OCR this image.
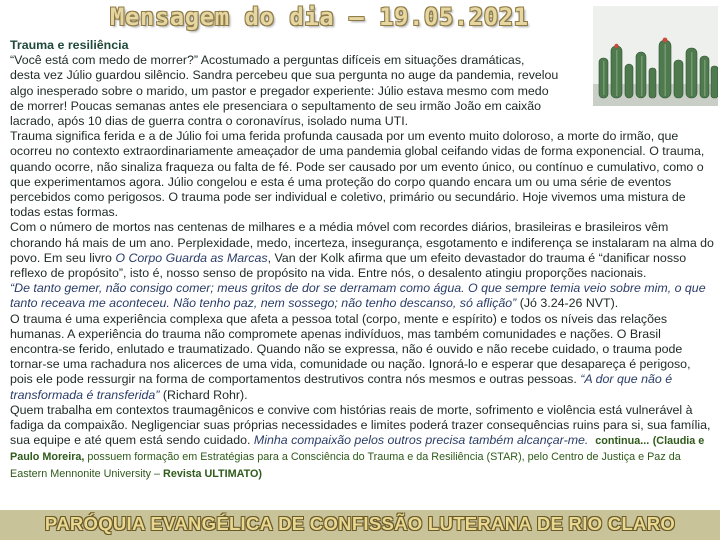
Mensagem do dia – 19.05.2021

Trauma e resiliência

“Você está com medo de morrer?” Acostumado a perguntas difíceis em situações dramáticas,
desta vez Júlio guardou silêncio. Sandra percebeu que sua pergunta no auge da pandemia, revelou
algo inesperado sobre o marido, um pastor e pregador experiente: Júlio estava mesmo com medo
de morrer! Poucas semanas antes ele presenciara o sepultamento de seu irmão João em caixão
lacrado, após 10 dias de guerra contra o coronavírus, isolado numa UTI.

Trauma significa ferida e a de Júlio foi uma ferida profunda causada por um evento muito doloroso, a morte do irmão, que ocorreu no contexto extraordinariamente ameaçador de uma pandemia global ceifando vidas de forma exponencial. O trauma, quando ocorre, não sinaliza fraqueza ou falta de fé. Pode ser causado por um evento único, ou contínuo e cumulativo, como o que experimentamos agora. Júlio congelou e esta é uma proteção do corpo quando encara um ou uma série de eventos percebidos como perigosos. O trauma pode ser individual e coletivo, primário ou secundário. Hoje vivemos uma mistura de todas estas formas.

Com o número de mortos nas centenas de milhares e a média móvel com recordes diários, brasileiras e brasileiros vêm chorando há mais de um ano. Perplexidade, medo, incerteza, insegurança, esgotamento e indiferença se instalaram na alma do povo. Em seu livro O Corpo Guarda as Marcas, Van der Kolk afirma que um efeito devastador do trauma é “danificar nosso reflexo de propósito”, isto é, nosso senso de propósito na vida. Entre nós, o desalento atingiu proporções nacionais.

“De tanto gemer, não consigo comer; meus gritos de dor se derramam como água. O que sempre temia veio sobre mim, o que tanto receava me aconteceu. Não tenho paz, nem sossego; não tenho descanso, só aflição” (Jó 3.24-26 NVT).

O trauma é uma experiência complexa que afeta a pessoa total (corpo, mente e espírito) e todos os níveis das relações humanas. A experiência do trauma não compromete apenas indivíduos, mas também comunidades e nações. O Brasil encontra-se ferido, enlutado e traumatizado. Quando não se expressa, não é ouvido e não recebe cuidado, o trauma pode tornar-se uma rachadura nos alicerces de uma vida, comunidade ou nação. Ignorá-lo e esperar que desapareça é perigoso, pois ele pode ressurgir na forma de comportamentos destrutivos contra nós mesmos e outras pessoas. “A dor que não é transformada é transferida” (Richard Rohr).

Quem trabalha em contextos traumagênicos e convive com histórias reais de morte, sofrimento e violência está vulnerável à fadiga da compaixão. Negligenciar suas próprias necessidades e limites poderá trazer consequências ruins para si, sua família, sua equipe e até quem está sendo cuidado. Minha compaixão pelos outros precisa também alcançar-me. continua... (Claudia e Paulo Moreira, possuem formação em Estratégias para a Consciência do Trauma e da Resiliência (STAR), pelo Centro de Justiça e Paz da Eastern Mennonite University – Revista ULTIMATO)

PARÓQUIA EVANGÉLICA DE CONFISSÃO LUTERANA DE RIO CLARO
